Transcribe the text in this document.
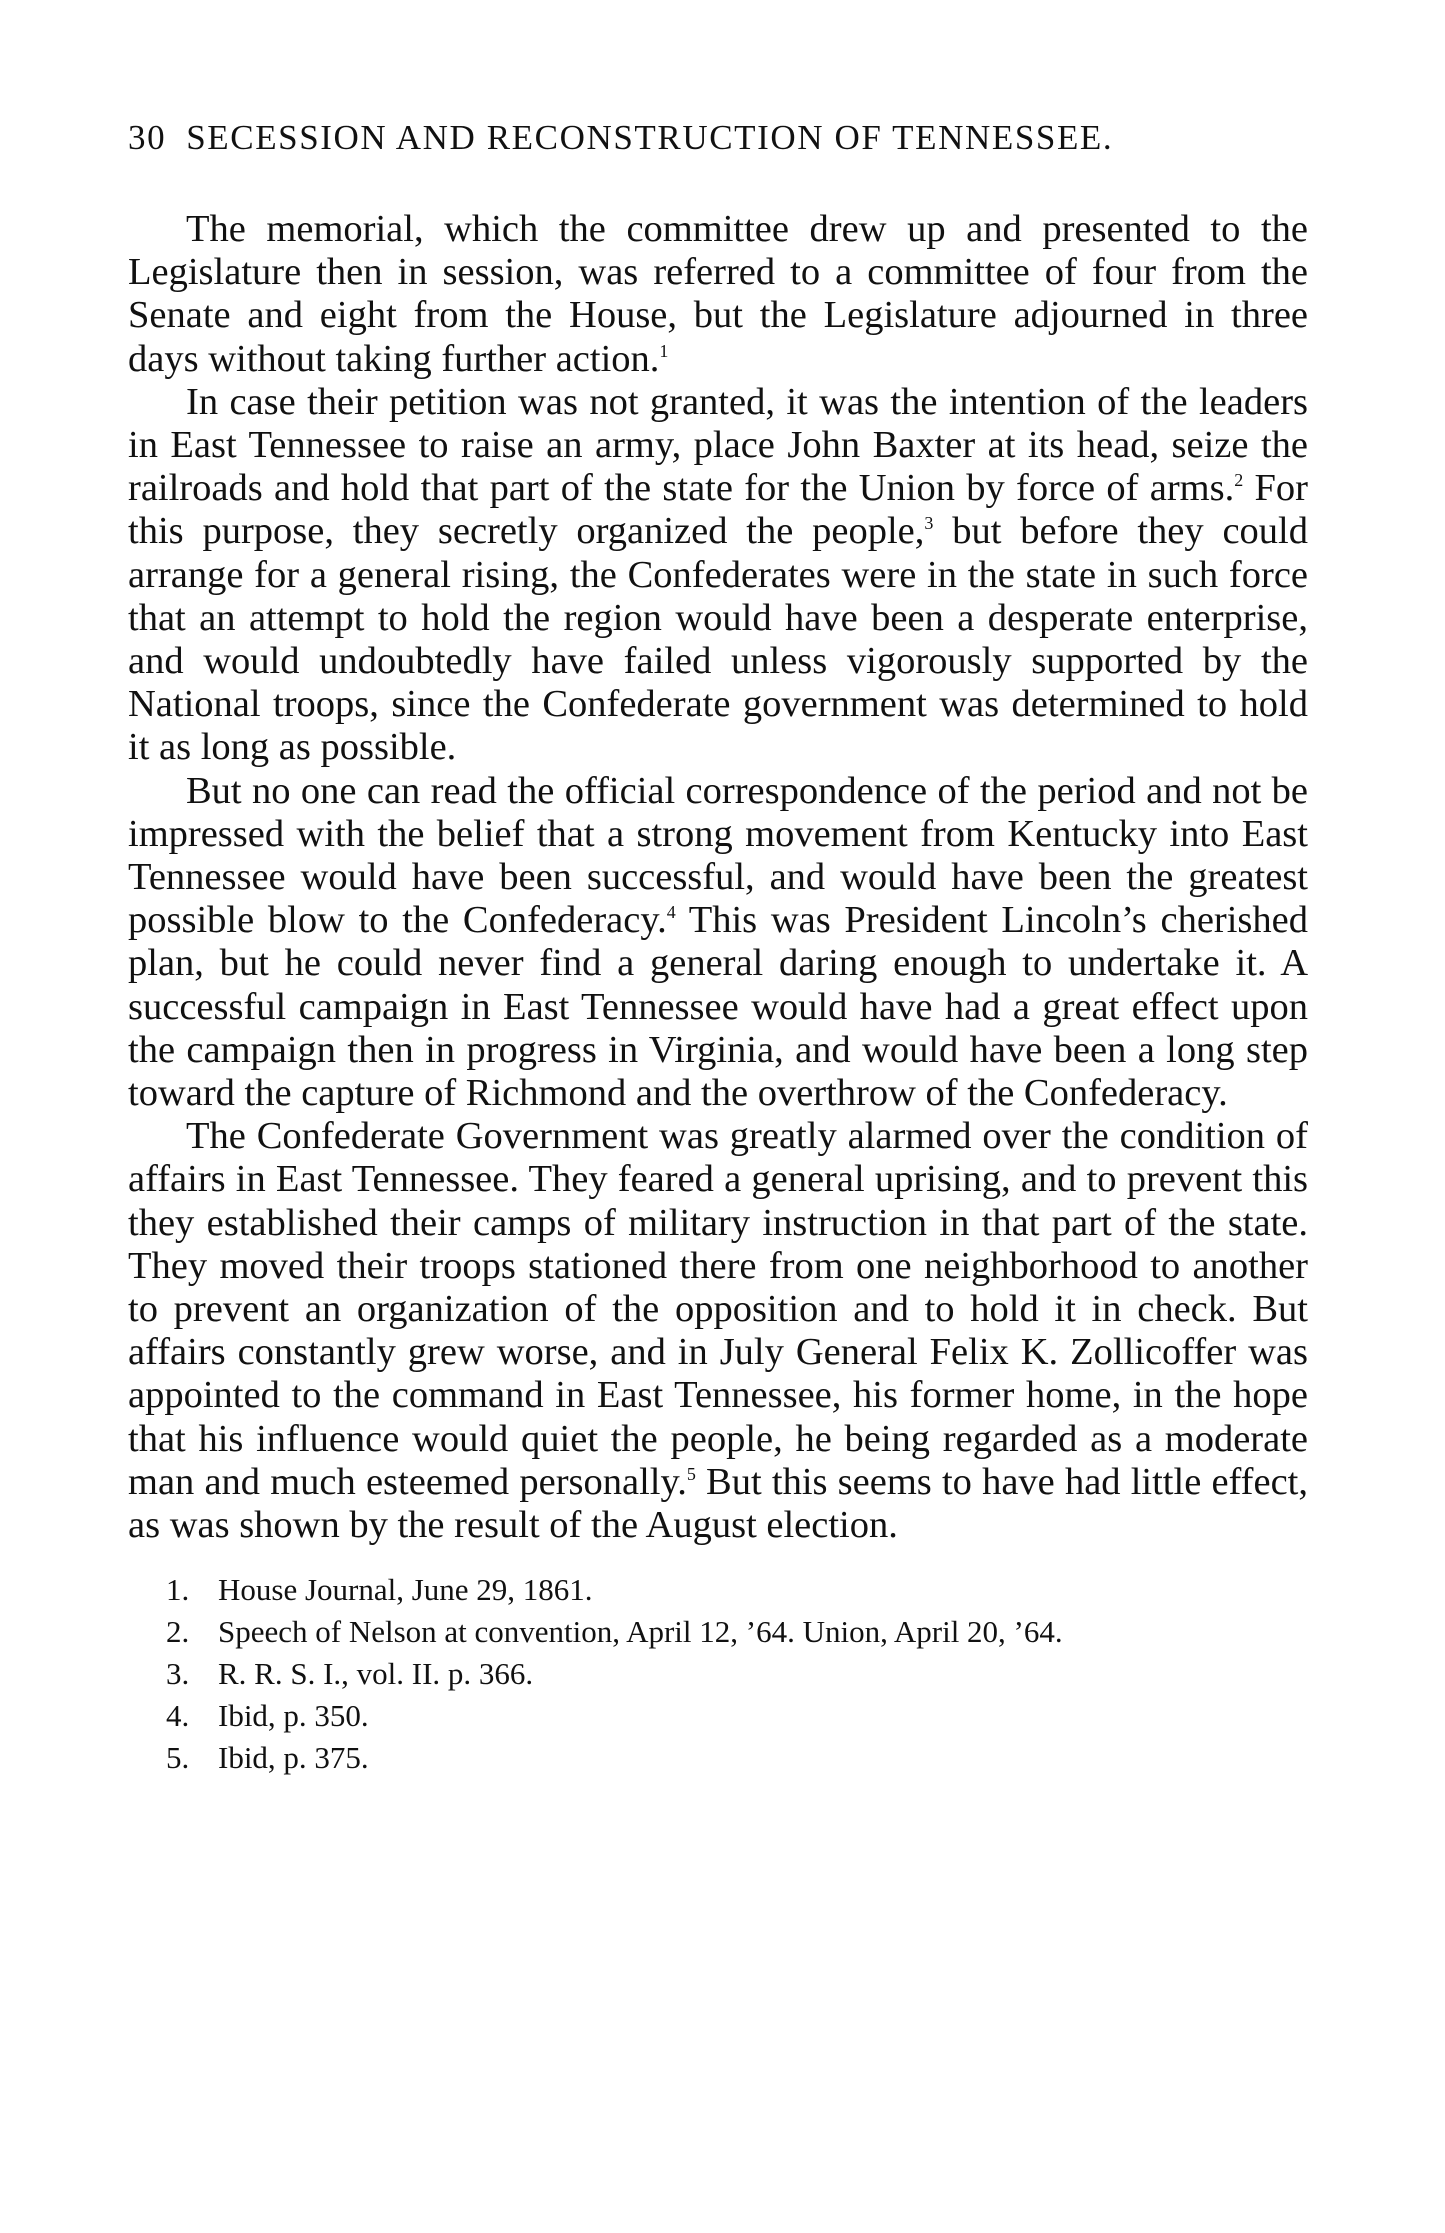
30 SECESSION AND RECONSTRUCTION OF TENNESSEE.

The memorial, which the committee drew up and presented to the Legislature then in session, was referred to a committee of four from the Senate and eight from the House, but the Legislature adjourned in three days without taking further action.$^1$

In case their petition was not granted, it was the intention of the leaders in East Tennessee to raise an army, place John Baxter at its head, seize the railroads and hold that part of the state for the Union by force of arms.$^2$ For this purpose, they secretly organized the people,$^3$ but before they could arrange for a general rising, the Confederates were in the state in such force that an attempt to hold the region would have been a desperate enterprise, and would undoubtedly have failed unless vigorously supported by the National troops, since the Confederate government was determined to hold it as long as possible.

But no one can read the official correspondence of the period and not be impressed with the belief that a strong movement from Kentucky into East Tennessee would have been successful, and would have been the greatest possible blow to the Confederacy.$^4$ This was President Lincoln’s cherished plan, but he could never find a general daring enough to undertake it. A successful campaign in East Tennessee would have had a great effect upon the campaign then in progress in Virginia, and would have been a long step toward the capture of Richmond and the overthrow of the Confederacy.

The Confederate Government was greatly alarmed over the condition of affairs in East Tennessee. They feared a general uprising, and to prevent this they established their camps of military instruction in that part of the state. They moved their troops stationed there from one neighborhood to another to prevent an organization of the opposition and to hold it in check. But affairs constantly grew worse, and in July General Felix K. Zollicoffer was appointed to the command in East Tennessee, his former home, in the hope that his influence would quiet the people, he being regarded as a moderate man and much esteemed personally.$^5$ But this seems to have had little effect, as was shown by the result of the August election.

1. House Journal, June 29, 1861.
2. Speech of Nelson at convention, April 12, ’64. Union, April 20, ’64.
3. R. R. S. I., vol. II. p. 366.
4. Ibid, p. 350.
5. Ibid, p. 375.
